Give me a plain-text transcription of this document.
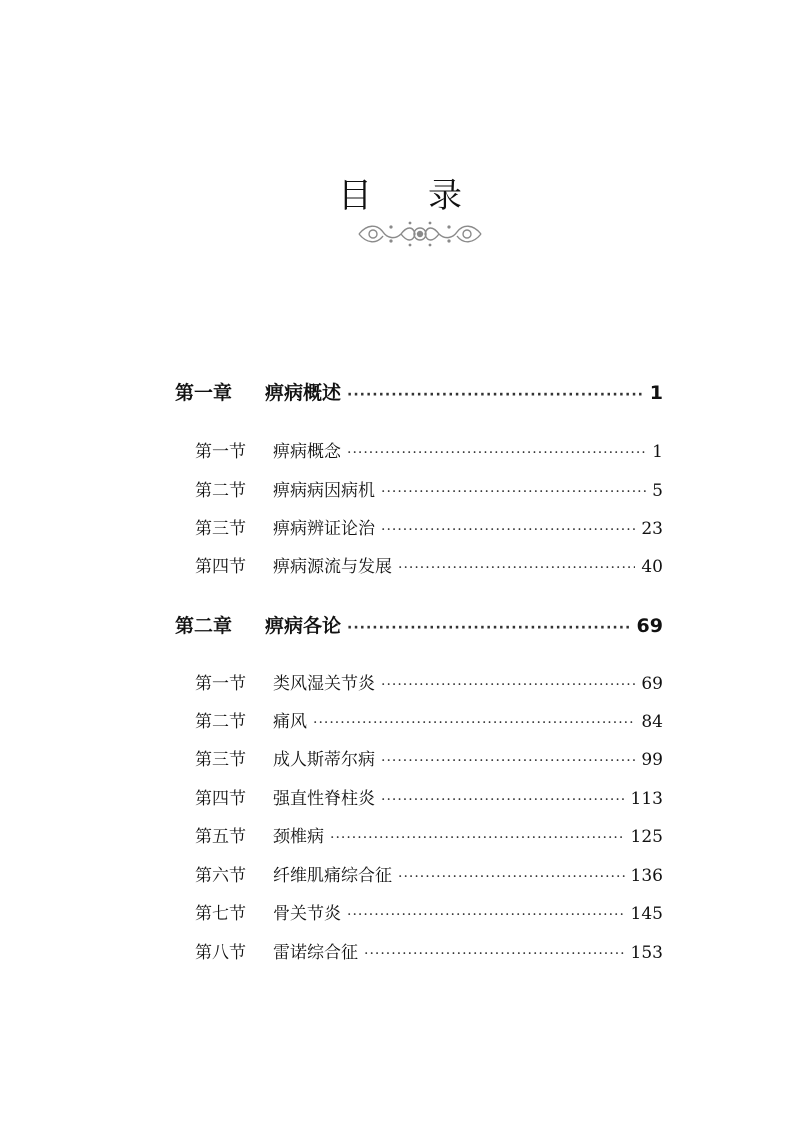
目 录
第一章	痹病概述 ·····	1
第一节	痹病概念 ·····	1
第二节	痹病病因病机 ·····	5
第三节	痹病辨证论治 ·····	23
第四节	痹病源流与发展 ·····	40
第二章	痹病各论 ·····	69
第一节	类风湿关节炎 ·····	69
第二节	痛风 ·····	84
第三节	成人斯蒂尔病 ·····	99
第四节	强直性脊柱炎 ·····	113
第五节	颈椎病 ·····	125
第六节	纤维肌痛综合征 ·····	136
第七节	骨关节炎 ·····	145
第八节	雷诺综合征 ·····	153
